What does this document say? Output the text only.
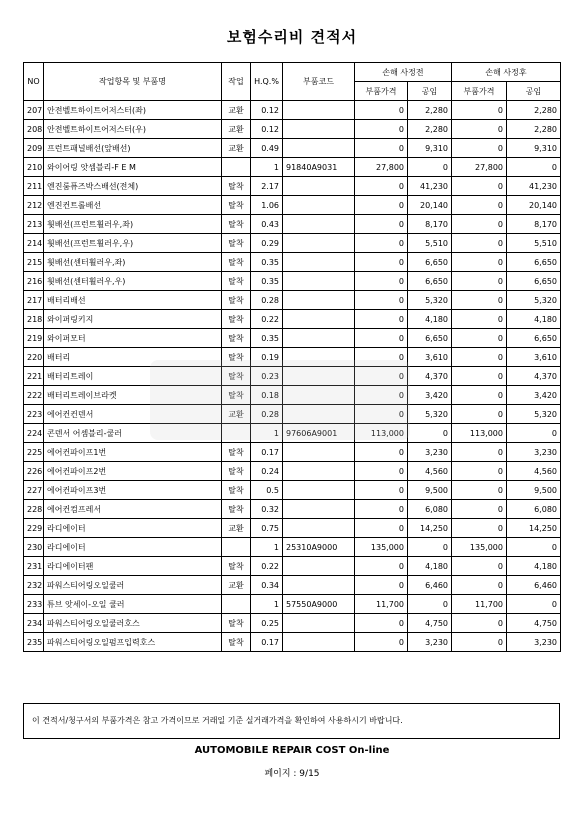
보험수리비 견적서
NO	작업항목 및 부품명	작업	H.Q.%	부품코드	손해 사정전		손해 사정후	
					부품가격	공임	부품가격	공임
207	안전벨트하이트어저스터(좌)	교환	0.12		0	2,280	0	2,280
208	안전벨트하이트어저스터(우)	교환	0.12		0	2,280	0	2,280
209	프런트패널배선(앞배선)	교환	0.49		0	9,310	0	9,310
210	와이어링 앗셈블리-F E M		1	91840A9031	27,800	0	27,800	0
211	엔진룸퓨즈박스배선(전체)	탈착	2.17		0	41,230	0	41,230
212	엔진컨트롤배선	탈착	1.06		0	20,140	0	20,140
213	휫배선(프런트휠러우,좌)	탈착	0.43		0	8,170	0	8,170
214	휫배선(프런트휠러우,우)	탈착	0.29		0	5,510	0	5,510
215	휫배선(센터휠러우,좌)	탈착	0.35		0	6,650	0	6,650
216	휫배선(센터휠러우,우)	탈착	0.35		0	6,650	0	6,650
217	배터리배선	탈착	0.28		0	5,320	0	5,320
218	와이퍼링키지	탈착	0.22		0	4,180	0	4,180
219	와이퍼모터	탈착	0.35		0	6,650	0	6,650
220	배터리	탈착	0.19		0	3,610	0	3,610
221	배터리트레이	탈착	0.23		0	4,370	0	4,370
222	배터리트레이브라켓	탈착	0.18		0	3,420	0	3,420
223	에어컨컨덴서	교환	0.28		0	5,320	0	5,320
224	콘덴서 어셈블리-쿨러		1	97606A9001	113,000	0	113,000	0
225	에어컨파이프1번	탈착	0.17		0	3,230	0	3,230
226	에어컨파이프2번	탈착	0.24		0	4,560	0	4,560
227	에어컨파이프3번	탈착	0.5		0	9,500	0	9,500
228	에어컨컴프레서	탈착	0.32		0	6,080	0	6,080
229	라디에이터	교환	0.75		0	14,250	0	14,250
230	라디에이터		1	25310A9000	135,000	0	135,000	0
231	라디에이터팬	탈착	0.22		0	4,180	0	4,180
232	파워스티어링오일쿨러	교환	0.34		0	6,460	0	6,460
233	튜브 앗세이-오일 쿨러		1	57550A9000	11,700	0	11,700	0
234	파워스티어링오일쿨러호스	탈착	0.25		0	4,750	0	4,750
235	파워스티어링오일펌프입력호스	탈착	0.17		0	3,230	0	3,230
이 견적서/청구서의 부품가격은 참고 가격이므로 거래일 기준 실거래가격을 확인하여 사용하시기 바랍니다.
AUTOMOBILE REPAIR COST On-line
페이지 : 9/15
